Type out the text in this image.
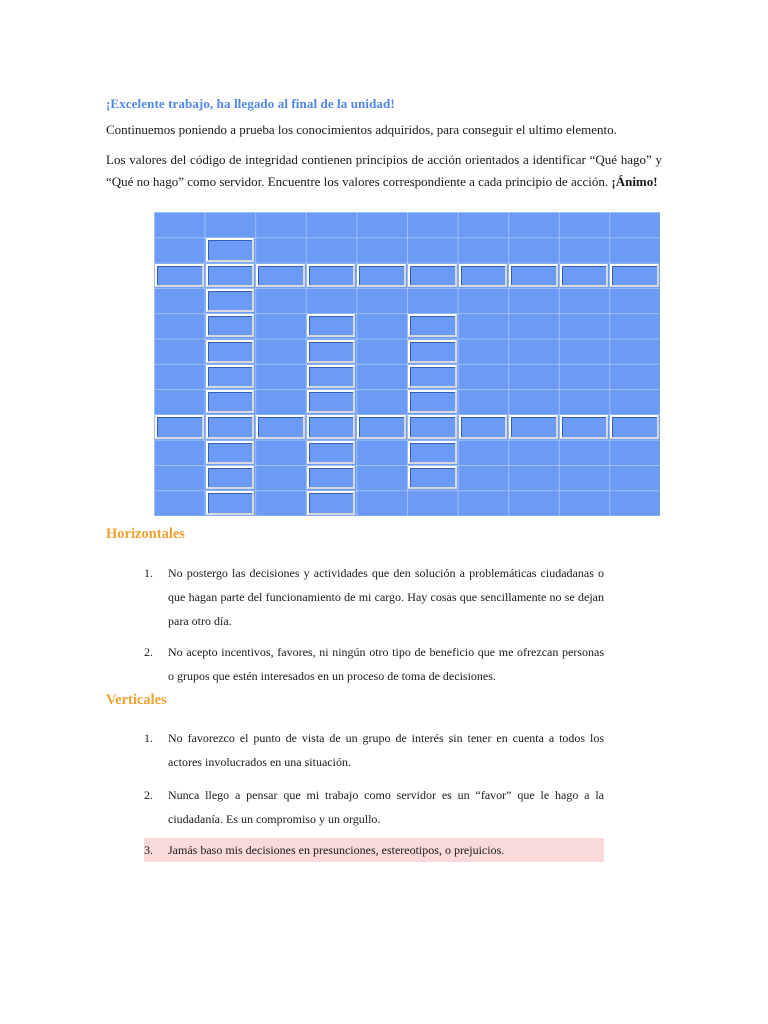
¡Excelente trabajo, ha llegado al final de la unidad!

Continuemos poniendo a prueba los conocimientos adquiridos, para conseguir el ultimo elemento.

Los valores del código de integridad contienen principios de acción orientados a identificar “Qué hago” y “Qué no hago” como servidor. Encuentre los valores correspondiente a cada principio de acción. ¡Ánimo!

Horizontales
1.	No postergo las decisiones y actividades que den solución a problemáticas ciudadanas o que hagan parte del funcionamiento de mi cargo. Hay cosas que sencillamente no se dejan para otro día.
2.	No acepto incentivos, favores, ni ningún otro tipo de beneficio que me ofrezcan personas o grupos que estén interesados en un proceso de toma de decisiones.
Verticales
1.	No favorezco el punto de vista de un grupo de interés sin tener en cuenta a todos los actores involucrados en una situación.
2.	Nunca llego a pensar que mi trabajo como servidor es un “favor” que le hago a la ciudadanía. Es un compromiso y un orgullo.
3.	Jamás baso mis decisiones en presunciones, estereotipos, o prejuicios.
